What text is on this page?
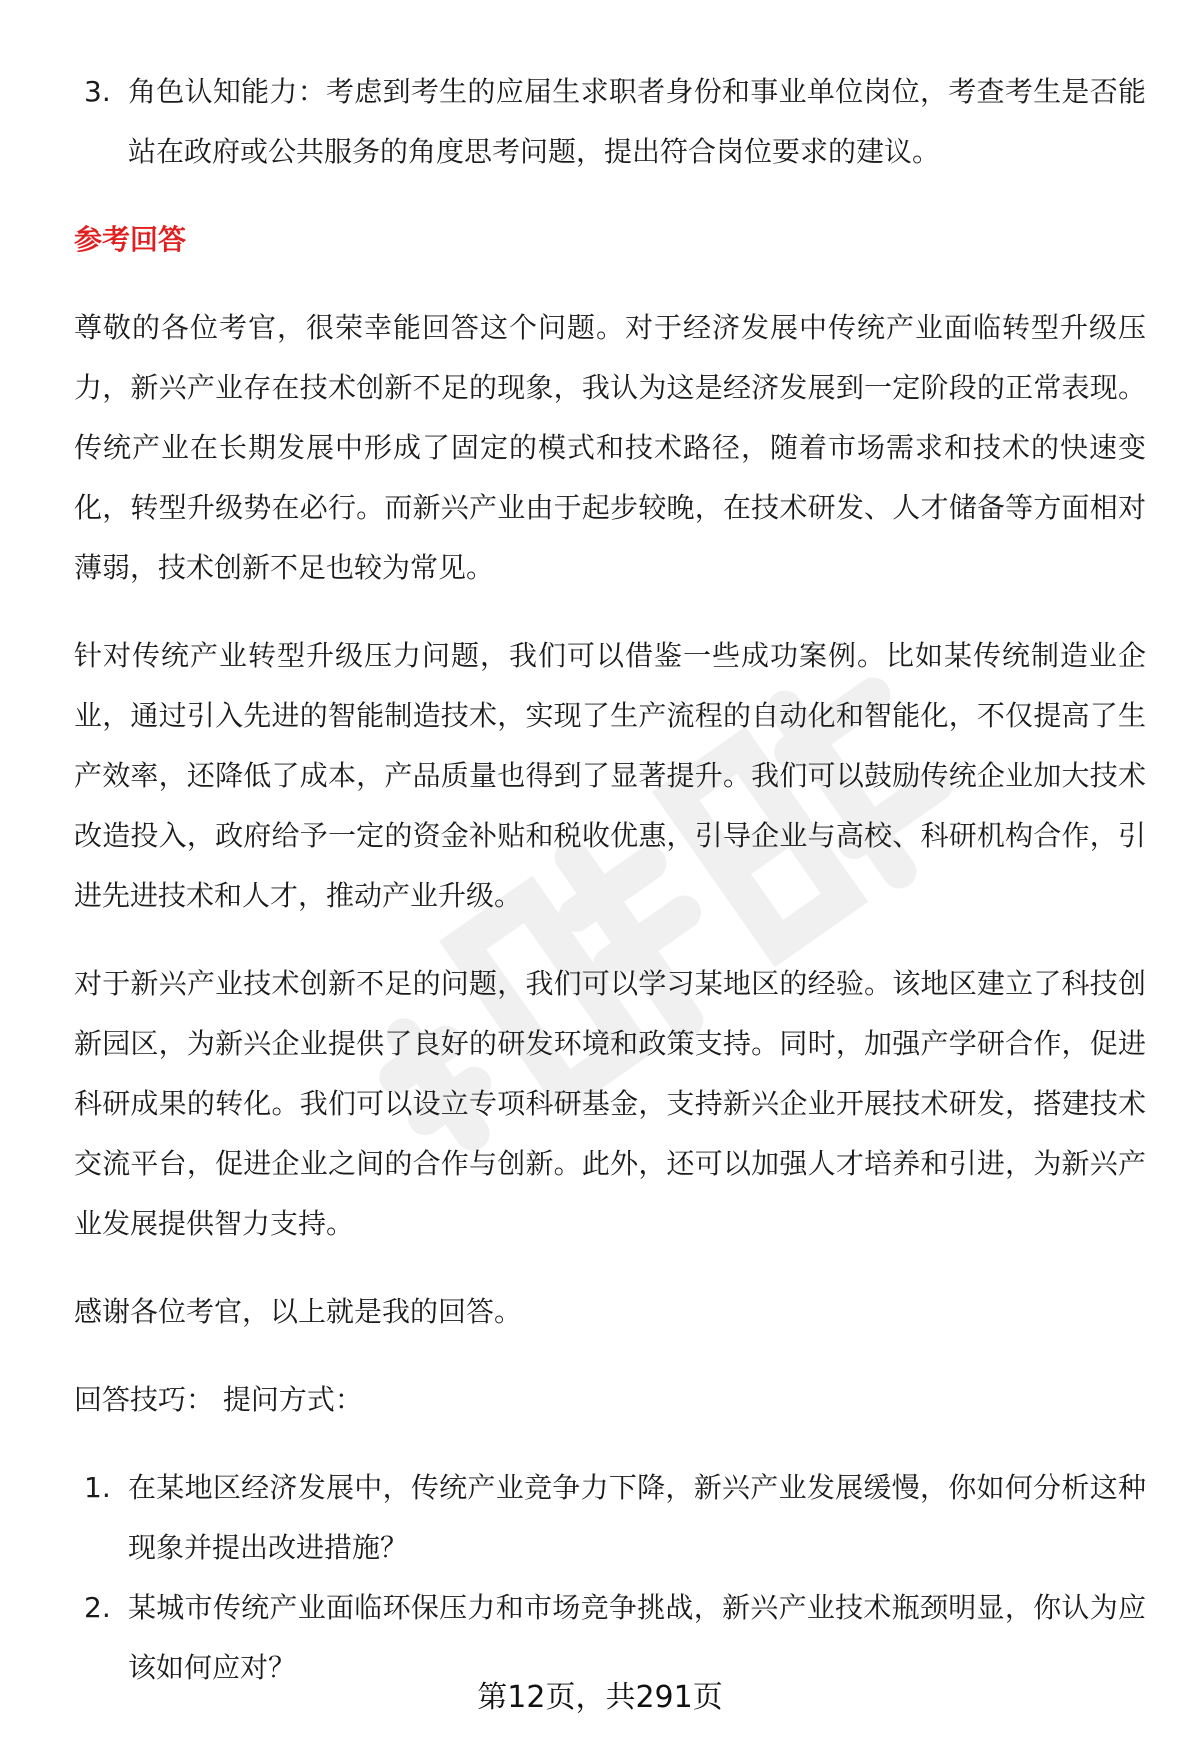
3. 角色认知能力：考虑到考生的应届生求职者身份和事业单位岗位，考查考生是否能站在政府或公共服务的角度思考问题，提出符合岗位要求的建议。
参考回答

尊敬的各位考官，很荣幸能回答这个问题。对于经济发展中传统产业面临转型升级压力，新兴产业存在技术创新不足的现象，我认为这是经济发展到一定阶段的正常表现。传统产业在长期发展中形成了固定的模式和技术路径，随着市场需求和技术的快速变化，转型升级势在必行。而新兴产业由于起步较晚，在技术研发、人才储备等方面相对薄弱，技术创新不足也较为常见。

针对传统产业转型升级压力问题，我们可以借鉴一些成功案例。比如某传统制造业企业，通过引入先进的智能制造技术，实现了生产流程的自动化和智能化，不仅提高了生产效率，还降低了成本，产品质量也得到了显著提升。我们可以鼓励传统企业加大技术改造投入，政府给予一定的资金补贴和税收优惠，引导企业与高校、科研机构合作，引进先进技术和人才，推动产业升级。

对于新兴产业技术创新不足的问题，我们可以学习某地区的经验。该地区建立了科技创新园区，为新兴企业提供了良好的研发环境和政策支持。同时，加强产学研合作，促进科研成果的转化。我们可以设立专项科研基金，支持新兴企业开展技术研发，搭建技术交流平台，促进企业之间的合作与创新。此外，还可以加强人才培养和引进，为新兴产业发展提供智力支持。

感谢各位考官，以上就是我的回答。

回答技巧： 提问方式：

1. 在某地区经济发展中，传统产业竞争力下降，新兴产业发展缓慢，你如何分析这种现象并提出改进措施？
2. 某城市传统产业面临环保压力和市场竞争挑战，新兴产业技术瓶颈明显，你认为应该如何应对？
第12页，共291页
